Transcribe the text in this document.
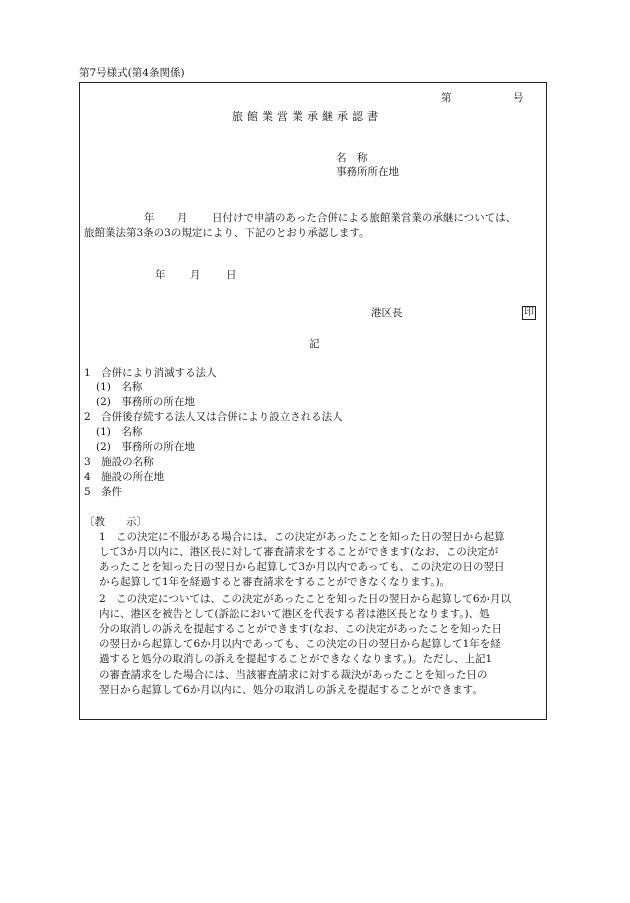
第7号様式(第4条関係)
第	号
旅館業営業承継承認書
名　称
事務所所在地
年 月 日付けで申請のあった合併による旅館業営業の承継については、
旅館業法第3条の3の規定により、下記のとおり承認します。
年 月 日
港区長	印
記
1　合併により消滅する法人
(1)　名称
(2)　事務所の所在地
2　合併後存続する法人又は合併により設立される法人
(1)　名称
(2)　事務所の所在地
3　施設の名称
4　施設の所在地
5　条件
〔教　　示〕
1　この決定に不服がある場合には、この決定があったことを知った日の翌日から起算
して3か月以内に、港区長に対して審査請求をすることができます(なお、この決定が
あったことを知った日の翌日から起算して3か月以内であっても、この決定の日の翌日
から起算して1年を経過すると審査請求をすることができなくなります。)。
2　この決定については、この決定があったことを知った日の翌日から起算して6か月以
内に、港区を被告として(訴訟において港区を代表する者は港区長となります。)、処
分の取消しの訴えを提起することができます(なお、この決定があったことを知った日
の翌日から起算して6か月以内であっても、この決定の日の翌日から起算して1年を経
過すると処分の取消しの訴えを提起することができなくなります。)。ただし、上記1
の審査請求をした場合には、当該審査請求に対する裁決があったことを知った日の
翌日から起算して6か月以内に、処分の取消しの訴えを提起することができます。
